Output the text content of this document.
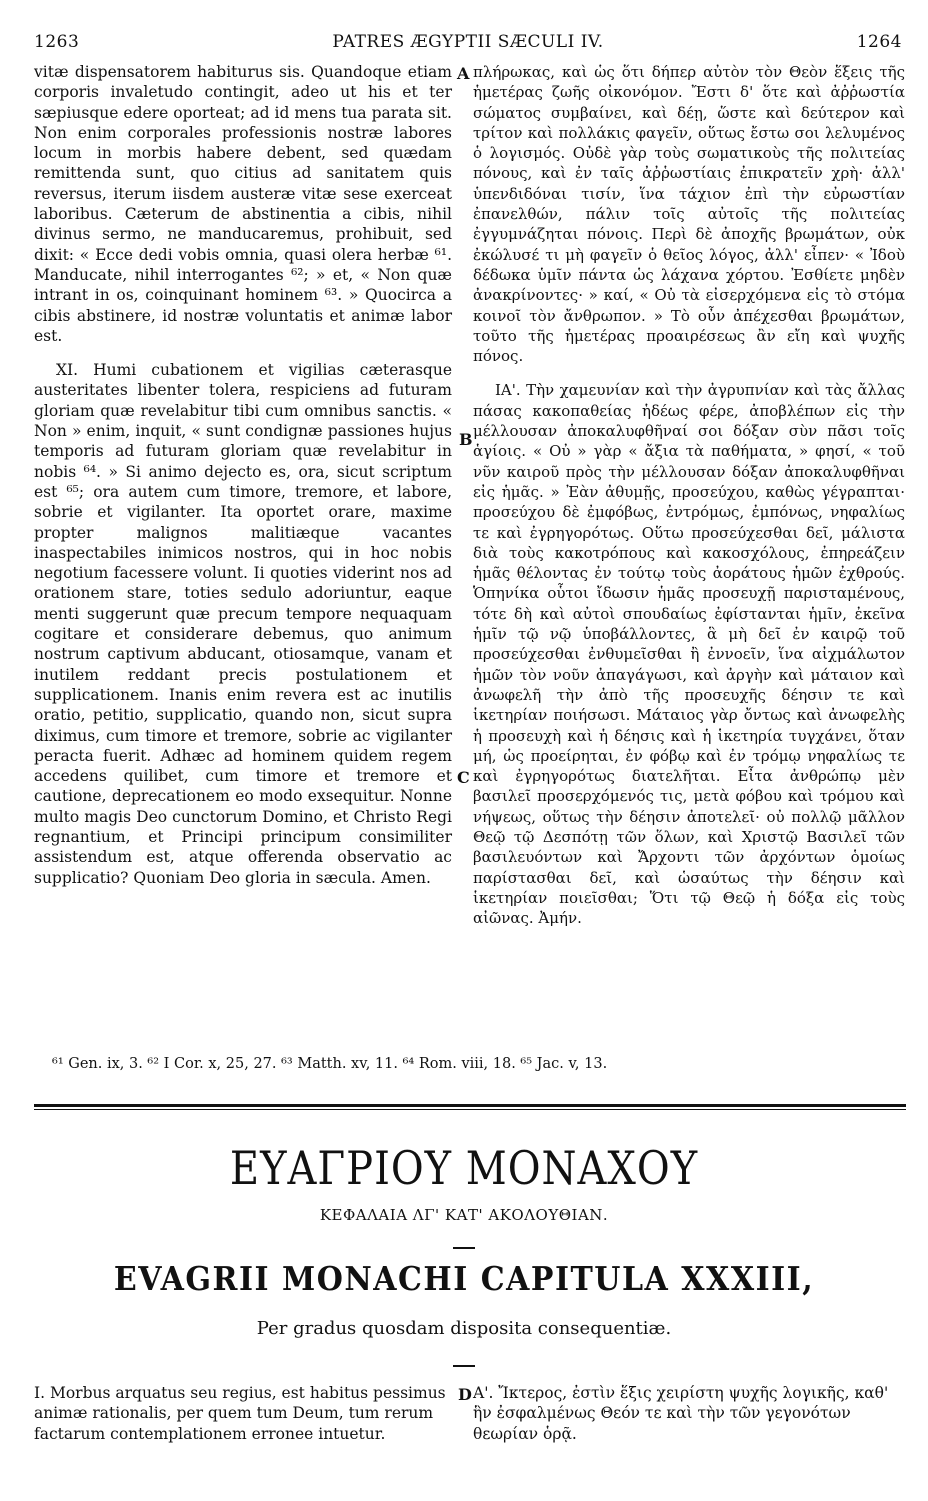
1263	PATRES ÆGYPTII SÆCULI IV.	1264

vitæ dispensatorem habiturus sis. Quandoque etiam corporis invaletudo contingit, adeo ut his et ter sæpiusque edere oporteat; ad id mens tua parata sit. Non enim corporales professionis nostræ labores locum in morbis habere debent, sed quædam remittenda sunt, quo citius ad sanitatem quis reversus, iterum iisdem austeræ vitæ sese exerceat laboribus. Cæterum de abstinentia a cibis, nihil divinus sermo, ne manducaremus, prohibuit, sed dixit: « Ecce dedi vobis omnia, quasi olera herbæ ⁶¹. Manducate, nihil interrogantes ⁶²; » et, « Non quæ intrant in os, coinquinant hominem ⁶³. » Quocirca a cibis abstinere, id nostræ voluntatis et animæ labor est.

XI. Humi cubationem et vigilias cæterasque austeritates libenter tolera, respiciens ad futuram gloriam quæ revelabitur tibi cum omnibus sanctis. « Non » enim, inquit, « sunt condignæ passiones hujus temporis ad futuram gloriam quæ revelabitur in nobis ⁶⁴. » Si animo dejecto es, ora, sicut scriptum est ⁶⁵; ora autem cum timore, tremore, et labore, sobrie et vigilanter. Ita oportet orare, maxime propter malignos malitiæque vacantes inaspectabiles inimicos nostros, qui in hoc nobis negotium facessere volunt. Ii quoties viderint nos ad orationem stare, toties sedulo adoriuntur, eaque menti suggerunt quæ precum tempore nequaquam cogitare et considerare debemus, quo animum nostrum captivum abducant, otiosamque, vanam et inutilem reddant precis postulationem et supplicationem. Inanis enim revera est ac inutilis oratio, petitio, supplicatio, quando non, sicut supra diximus, cum timore et tremore, sobrie ac vigilanter peracta fuerit. Adhæc ad hominem quidem regem accedens quilibet, cum timore et tremore et cautione, deprecationem eo modo exsequitur. Nonne multo magis Deo cunctorum Domino, et Christo Regi regnantium, et Principi principum consimiliter assistendum est, atque offerenda observatio ac supplicatio? Quoniam Deo gloria in sæcula. Amen.

A
B
C

πλήρωκας, καὶ ὡς ὅτι δήπερ αὐτὸν τὸν Θεὸν ἕξεις τῆς ἡμετέρας ζωῆς οἰκονόμον. Ἔστι δ' ὅτε καὶ ἀῤῥωστία σώματος συμβαίνει, καὶ δέῃ, ὥστε καὶ δεύτερον καὶ τρίτον καὶ πολλάκις φαγεῖν, οὕτως ἔστω σοι λελυμένος ὁ λογισμός. Οὐδὲ γὰρ τοὺς σωματικοὺς τῆς πολιτείας πόνους, καὶ ἐν ταῖς ἀῤῥωστίαις ἐπικρατεῖν χρὴ· ἀλλ' ὑπενδιδόναι τισίν, ἵνα τάχιον ἐπὶ τὴν εὐρωστίαν ἐπανελθών, πάλιν τοῖς αὐτοῖς τῆς πολιτείας ἐγγυμνάζηται πόνοις. Περὶ δὲ ἀποχῆς βρωμάτων, οὐκ ἐκώλυσέ τι μὴ φαγεῖν ὁ θεῖος λόγος, ἀλλ' εἶπεν· « Ἰδοὺ δέδωκα ὑμῖν πάντα ὡς λάχανα χόρτου. Ἐσθίετε μηδὲν ἀνακρίνοντες· » καί, « Οὐ τὰ εἰσερχόμενα εἰς τὸ στόμα κοινοῖ τὸν ἄνθρωπον. » Τὸ οὖν ἀπέχεσθαι βρωμάτων, τοῦτο τῆς ἡμετέρας προαιρέσεως ἂν εἴη καὶ ψυχῆς πόνος.

ΙΑ'. Τὴν χαμευνίαν καὶ τὴν ἀγρυπνίαν καὶ τὰς ἄλλας πάσας κακοπαθείας ἡδέως φέρε, ἀποβλέπων εἰς τὴν μέλλουσαν ἀποκαλυφθῆναί σοι δόξαν σὺν πᾶσι τοῖς ἁγίοις. « Οὐ » γὰρ « ἄξια τὰ παθήματα, » φησί, « τοῦ νῦν καιροῦ πρὸς τὴν μέλλουσαν δόξαν ἀποκαλυφθῆναι εἰς ἡμᾶς. » Ἐὰν ἀθυμῇς, προσεύχου, καθὼς γέγραπται· προσεύχου δὲ ἐμφόβως, ἐντρόμως, ἐμπόνως, νηφαλίως τε καὶ ἐγρηγορότως. Οὕτω προσεύχεσθαι δεῖ, μάλιστα διὰ τοὺς κακοτρόπους καὶ κακοσχόλους, ἐπηρεάζειν ἡμᾶς θέλοντας ἐν τούτῳ τοὺς ἀοράτους ἡμῶν ἐχθρούς. Ὁπηνίκα οὗτοι ἴδωσιν ἡμᾶς προσευχῇ παρισταμένους, τότε δὴ καὶ αὐτοὶ σπουδαίως ἐφίστανται ἡμῖν, ἐκεῖνα ἡμῖν τῷ νῷ ὑποβάλλοντες, ἃ μὴ δεῖ ἐν καιρῷ τοῦ προσεύχεσθαι ἐνθυμεῖσθαι ἢ ἐννοεῖν, ἵνα αἰχμάλωτον ἡμῶν τὸν νοῦν ἀπαγάγωσι, καὶ ἀργὴν καὶ μάταιον καὶ ἀνωφελῆ τὴν ἀπὸ τῆς προσευχῆς δέησιν τε καὶ ἱκετηρίαν ποιήσωσι. Μάταιος γὰρ ὄντως καὶ ἀνωφελὴς ἡ προσευχὴ καὶ ἡ δέησις καὶ ἡ ἱκετηρία τυγχάνει, ὅταν μή, ὡς προείρηται, ἐν φόβῳ καὶ ἐν τρόμῳ νηφαλίως τε καὶ ἐγρηγορότως διατελῆται. Εἶτα ἀνθρώπῳ μὲν βασιλεῖ προσερχόμενός τις, μετὰ φόβου καὶ τρόμου καὶ νήψεως, οὕτως τὴν δέησιν ἀποτελεῖ· οὐ πολλῷ μᾶλλον Θεῷ τῷ Δεσπότῃ τῶν ὅλων, καὶ Χριστῷ Βασιλεῖ τῶν βασιλευόντων καὶ Ἄρχοντι τῶν ἀρχόντων ὁμοίως παρίστασθαι δεῖ, καὶ ὡσαύτως τὴν δέησιν καὶ ἱκετηρίαν ποιεῖσθαι; Ὅτι τῷ Θεῷ ἡ δόξα εἰς τοὺς αἰῶνας. Ἀμήν.

⁶¹ Gen. ix, 3. ⁶² I Cor. x, 25, 27. ⁶³ Matth. xv, 11. ⁶⁴ Rom. viii, 18. ⁶⁵ Jac. v, 13.
ΕΥΑΓΡΙΟΥ ΜΟΝΑΧΟΥ
ΚΕΦΑΛΑΙΑ ΛΓ' ΚΑΤ' ΑΚΟΛΟΥΘΙΑΝ.
EVAGRII MONACHI CAPITULA XXXIII,
Per gradus quosdam disposita consequentiæ.

I. Morbus arquatus seu regius, est habitus pessimus animæ rationalis, per quem tum Deum, tum rerum factarum contemplationem erronee intuetur.

D Α'. Ἴκτερος, ἐστὶν ἕξις χειρίστη ψυχῆς λογικῆς, καθ' ἣν ἐσφαλμένως Θεόν τε καὶ τὴν τῶν γεγονότων θεωρίαν ὁρᾷ.
